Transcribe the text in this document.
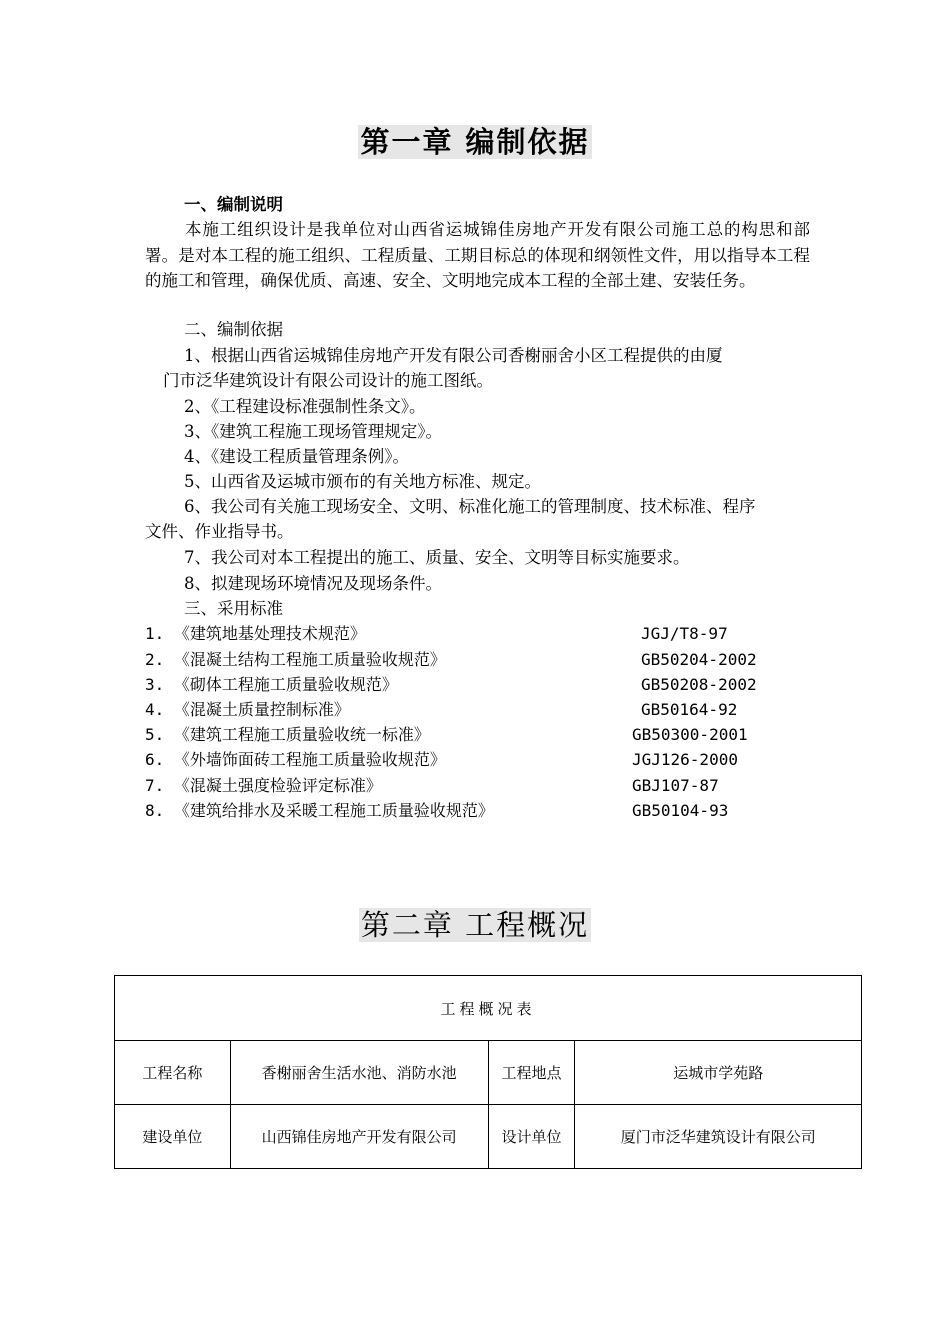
第一章 编制依据
一、编制说明
本施工组织设计是我单位对山西省运城锦佳房地产开发有限公司施工总的构思和部署。是对本工程的施工组织、工程质量、工期目标总的体现和纲领性文件，用以指导本工程的施工和管理，确保优质、高速、安全、文明地完成本工程的全部土建、安装任务。
二、编制依据
1、根据山西省运城锦佳房地产开发有限公司香榭丽舍小区工程提供的由厦
门市泛华建筑设计有限公司设计的施工图纸。
2、《工程建设标准强制性条文》。
3、《建筑工程施工现场管理规定》。
4、《建设工程质量管理条例》。
5、山西省及运城市颁布的有关地方标准、规定。
6、我公司有关施工现场安全、文明、标准化施工的管理制度、技术标准、程序
文件、作业指导书。
7、我公司对本工程提出的施工、质量、安全、文明等目标实施要求。
8、拟建现场环境情况及现场条件。
三、采用标准
1. 《建筑地基处理技术规范》	JGJ/T8-97
2. 《混凝土结构工程施工质量验收规范》	GB50204-2002
3. 《砌体工程施工质量验收规范》	GB50208-2002
4. 《混凝土质量控制标准》	GB50164-92
5. 《建筑工程施工质量验收统一标准》	GB50300-2001
6. 《外墙饰面砖工程施工质量验收规范》	JGJ126-2000
7. 《混凝土强度检验评定标准》	GBJ107-87
8. 《建筑给排水及采暖工程施工质量验收规范》	GB50104-93
第二章 工程概况
工程概况表			
工程名称	香榭丽舍生活水池、消防水池	工程地点	运城市学苑路
建设单位	山西锦佳房地产开发有限公司	设计单位	厦门市泛华建筑设计有限公司
